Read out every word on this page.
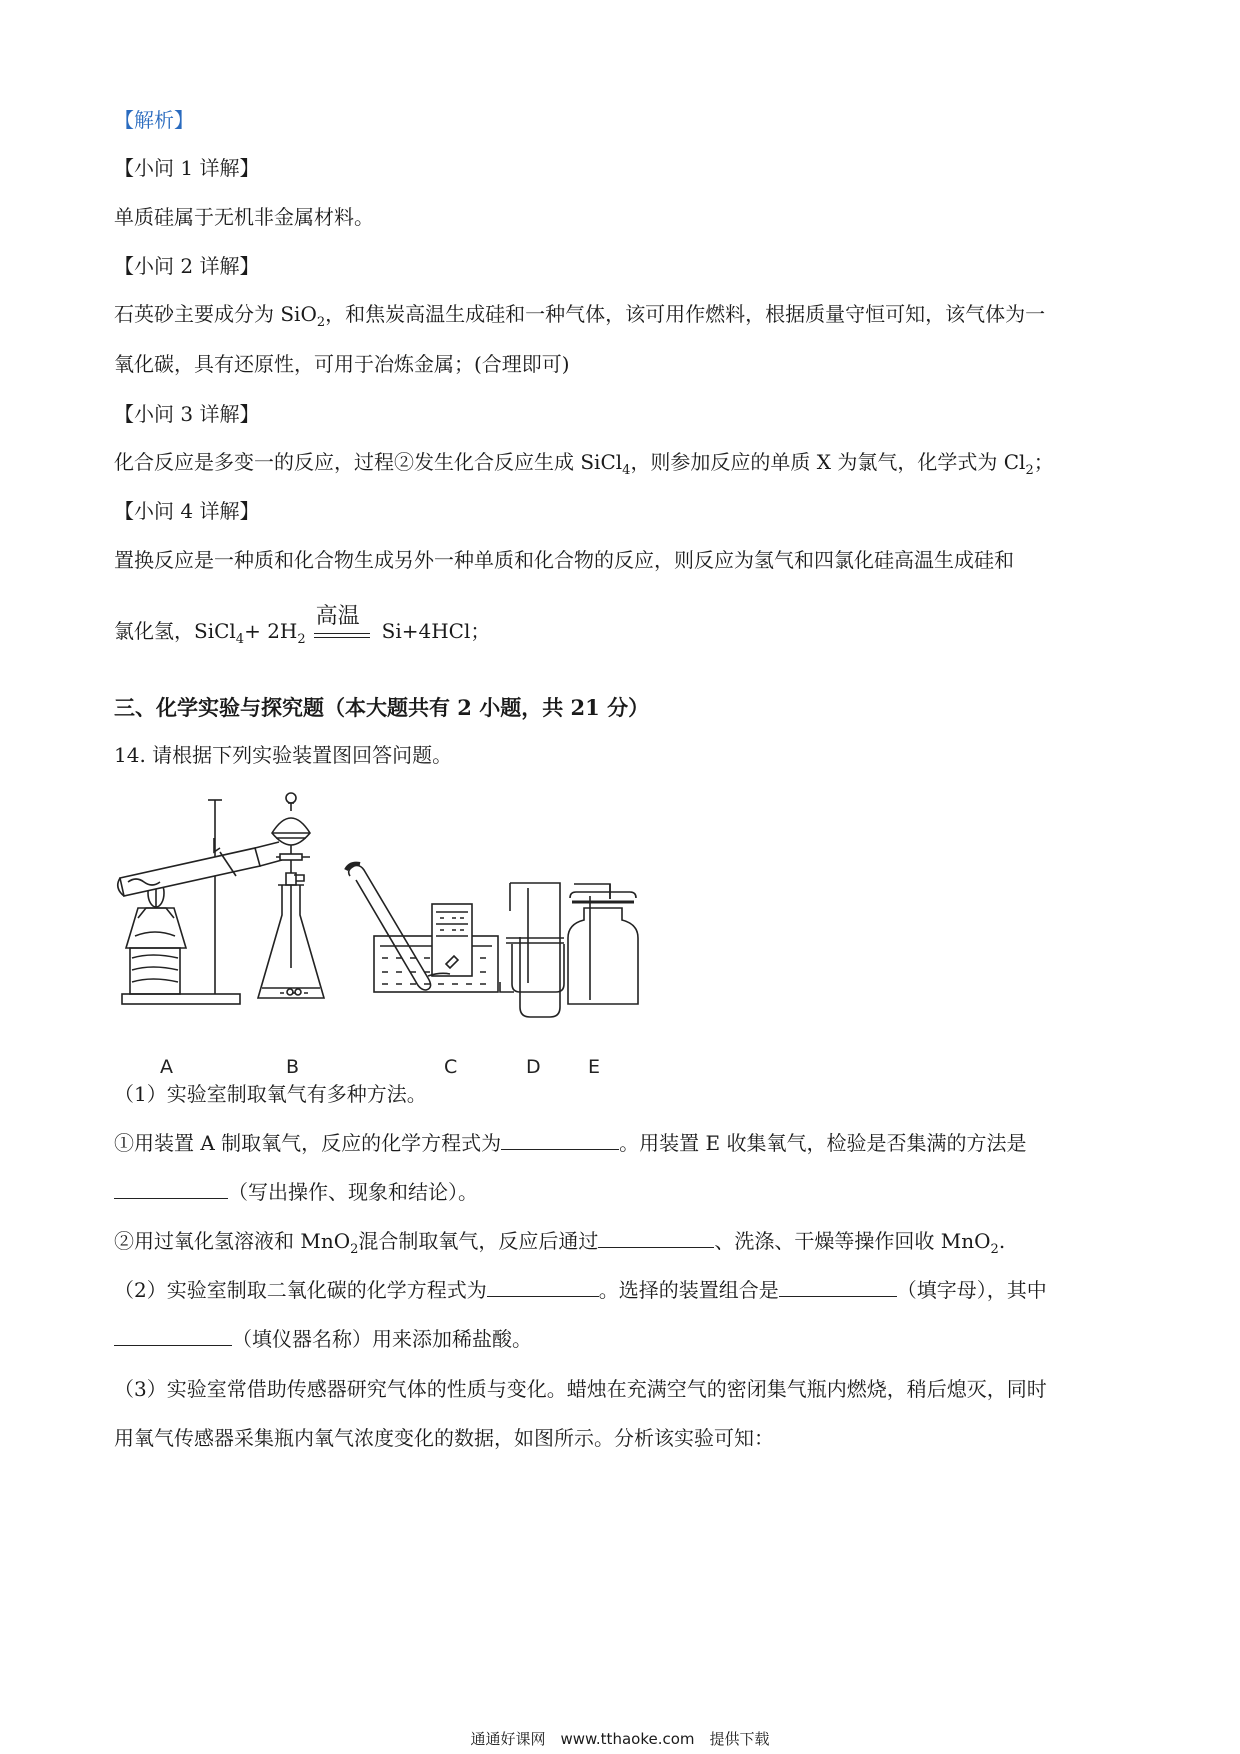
【解析】
【小问 1 详解】
单质硅属于无机非金属材料。
【小问 2 详解】
石英砂主要成分为 SiO$_2$，和焦炭高温生成硅和一种气体，该可用作燃料，根据质量守恒可知，该气体为一
氧化碳，具有还原性，可用于冶炼金属；(合理即可)
【小问 3 详解】
化合反应是多变一的反应，过程②发生化合反应生成 SiCl$_4$，则参加反应的单质 X 为氯气，化学式为 $Cl_2$；
【小问 4 详解】
置换反应是一种质和化合物生成另外一种单质和化合物的反应，则反应为氢气和四氯化硅高温生成硅和
氯化氢，SiCl$_4$+ $2H_2$
高温
Si+4HCl；
三、化学实验与探究题（本大题共有 2 小题，共 21 分）
14. 请根据下列实验装置图回答问题。
A	B	C	D E
（1）实验室制取氧气有多种方法。
①用装置 A 制取氧气，反应的化学方程式为	。用装置 E 收集氧气，检验是否集满的方法是
（写出操作、现象和结论）。
②用过氧化氢溶液和 MnO$_2$混合制取氧气，反应后通过	、洗涤、干燥等操作回收 MnO$_2$.
（2）实验室制取二氧化碳的化学方程式为	。选择的装置组合是	（填字母），其中
（填仪器名称）用来添加稀盐酸。
（3）实验室常借助传感器研究气体的性质与变化。蜡烛在充满空气的密闭集气瓶内燃烧，稍后熄灭，同时
用氧气传感器采集瓶内氧气浓度变化的数据，如图所示。分析该实验可知：
通通好课网　www.tthaoke.com　提供下载
